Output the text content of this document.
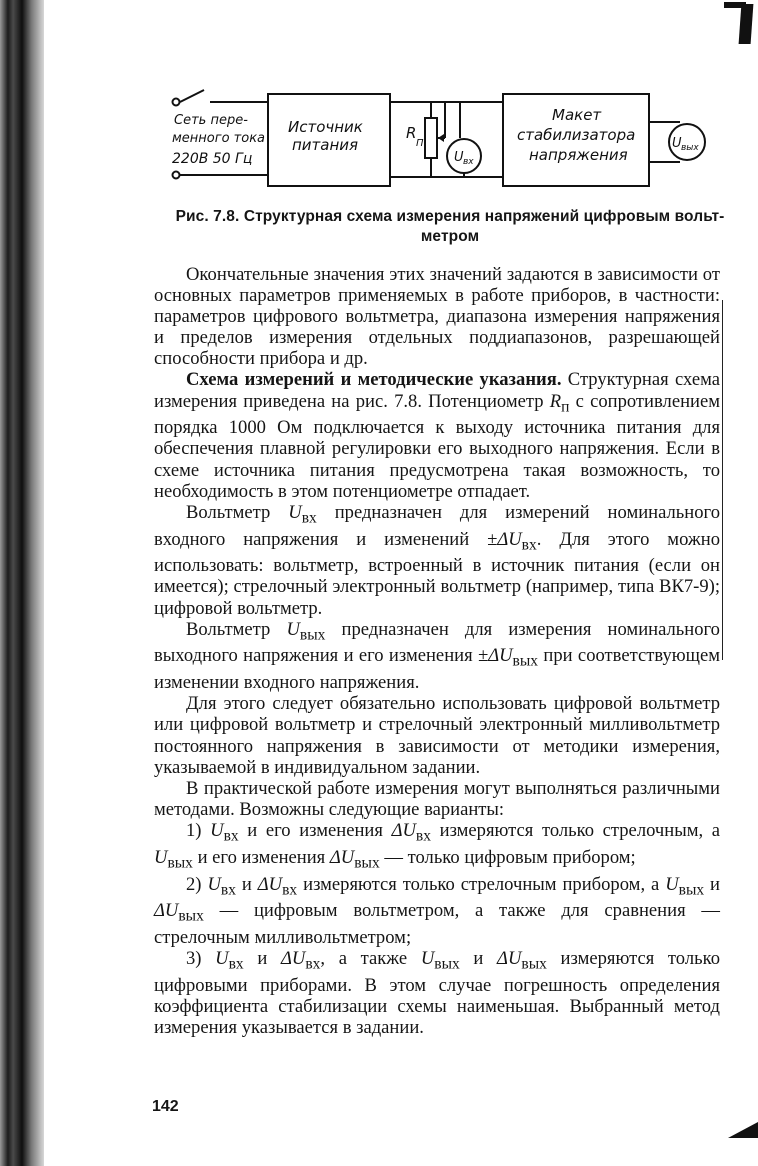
Сеть пере-
менного тока
220В 50 Гц
Источник
питания
R
П
U вх
Макет
стабилизатора
напряжения
U вых
Рис. 7.8. Структурная схема измерения напряжений цифровым вольт-
метром

Окончательные значения этих значений задаются в зависимости от основных параметров применяемых в работе приборов, в частности: параметров цифрового вольтметра, диапазона измерения напряжения и пределов измерения отдельных поддиапазонов, разрешающей способности прибора и др.

Схема измерений и методические указания. Структурная схема измерения приведена на рис. 7.8. Потенциометр $R_п$ с сопротивлением порядка 1000 Ом подключается к выходу источника питания для обеспечения плавной регулировки его выходного напряжения. Если в схеме источника питания предусмотрена такая возможность, то необходимость в этом потенциометре отпадает.

Вольтметр $U_{вх}$ предназначен для измерений номинального входного напряжения и изменений $\pm\Delta U_{вх}$. Для этого можно использовать: вольтметр, встроенный в источник питания (если он имеется); стрелочный электронный вольтметр (например, типа ВК7-9); цифровой вольтметр.

Вольтметр $U_{вых}$ предназначен для измерения номинального выходного напряжения и его изменения $\pm\Delta U_{вых}$ при соответствующем изменении входного напряжения.

Для этого следует обязательно использовать цифровой вольтметр или цифровой вольтметр и стрелочный электронный милливольтметр постоянного напряжения в зависимости от методики измерения, указываемой в индивидуальном задании.

В практической работе измерения могут выполняться различными методами. Возможны следующие варианты:

1) $U_{вх}$ и его изменения $\Delta U_{вх}$ измеряются только стрелочным, а $U_{вых}$ и его изменения $\Delta U_{вых}$ — только цифровым прибором;

2) $U_{вх}$ и $\Delta U_{вх}$ измеряются только стрелочным прибором, а $U_{вых}$ и $\Delta U_{вых}$ — цифровым вольтметром, а также для сравнения — стрелочным милливольтметром;

3) $U_{вх}$ и $\Delta U_{вх}$, а также $U_{вых}$ и $\Delta U_{вых}$ измеряются только цифровыми приборами. В этом случае погрешность определения коэффициента стабилизации схемы наименьшая. Выбранный метод измерения указывается в задании.

142
